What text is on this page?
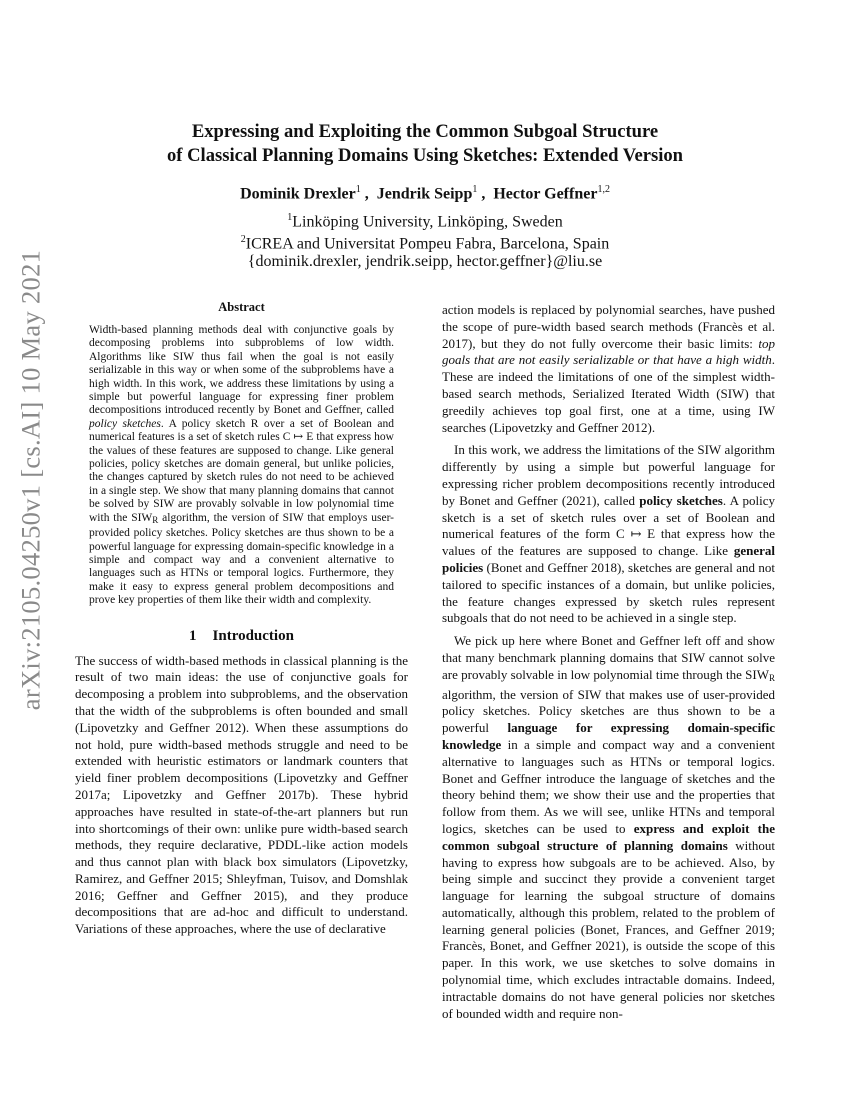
arXiv:2105.04250v1 [cs.AI] 10 May 2021
Expressing and Exploiting the Common Subgoal Structure
of Classical Planning Domains Using Sketches: Extended Version
Dominik Drexler$^1$ ,  Jendrik Seipp$^1$ ,  Hector Geffner$^{1,2}$
$^1$Linköping University, Linköping, Sweden
$^2$ICREA and Universitat Pompeu Fabra, Barcelona, Spain
{dominik.drexler, jendrik.seipp, hector.geffner}@liu.se
Abstract

Width-based planning methods deal with conjunctive goals by decomposing problems into subproblems of low width. Algorithms like SIW thus fail when the goal is not easily serializable in this way or when some of the subproblems have a high width. In this work, we address these limitations by using a simple but powerful language for expressing finer problem decompositions introduced recently by Bonet and Geffner, called policy sketches. A policy sketch R over a set of Boolean and numerical features is a set of sketch rules C ↦ E that express how the values of these features are supposed to change. Like general policies, policy sketches are domain general, but unlike policies, the changes captured by sketch rules do not need to be achieved in a single step. We show that many planning domains that cannot be solved by SIW are provably solvable in low polynomial time with the SIWR algorithm, the version of SIW that employs user-provided policy sketches. Policy sketches are thus shown to be a powerful language for expressing domain-specific knowledge in a simple and compact way and a convenient alternative to languages such as HTNs or temporal logics. Furthermore, they make it easy to express general problem decompositions and prove key properties of them like their width and complexity.

1 Introduction

The success of width-based methods in classical planning is the result of two main ideas: the use of conjunctive goals for decomposing a problem into subproblems, and the observation that the width of the subproblems is often bounded and small (Lipovetzky and Geffner 2012). When these assumptions do not hold, pure width-based methods struggle and need to be extended with heuristic estimators or landmark counters that yield finer problem decompositions (Lipovetzky and Geffner 2017a; Lipovetzky and Geffner 2017b). These hybrid approaches have resulted in state-of-the-art planners but run into shortcomings of their own: unlike pure width-based search methods, they require declarative, PDDL-like action models and thus cannot plan with black box simulators (Lipovetzky, Ramirez, and Geffner 2015; Shleyfman, Tuisov, and Domshlak 2016; Geffner and Geffner 2015), and they produce decompositions that are ad-hoc and difficult to understand. Variations of these approaches, where the use of declarative

action models is replaced by polynomial searches, have pushed the scope of pure-width based search methods (Francès et al. 2017), but they do not fully overcome their basic limits: top goals that are not easily serializable or that have a high width. These are indeed the limitations of one of the simplest width-based search methods, Serialized Iterated Width (SIW) that greedily achieves top goal first, one at a time, using IW searches (Lipovetzky and Geffner 2012).

In this work, we address the limitations of the SIW algorithm differently by using a simple but powerful language for expressing richer problem decompositions recently introduced by Bonet and Geffner (2021), called policy sketches. A policy sketch is a set of sketch rules over a set of Boolean and numerical features of the form C ↦ E that express how the values of the features are supposed to change. Like general policies (Bonet and Geffner 2018), sketches are general and not tailored to specific instances of a domain, but unlike policies, the feature changes expressed by sketch rules represent subgoals that do not need to be achieved in a single step.

We pick up here where Bonet and Geffner left off and show that many benchmark planning domains that SIW cannot solve are provably solvable in low polynomial time through the SIWR algorithm, the version of SIW that makes use of user-provided policy sketches. Policy sketches are thus shown to be a powerful language for expressing domain-specific knowledge in a simple and compact way and a convenient alternative to languages such as HTNs or temporal logics. Bonet and Geffner introduce the language of sketches and the theory behind them; we show their use and the properties that follow from them. As we will see, unlike HTNs and temporal logics, sketches can be used to express and exploit the common subgoal structure of planning domains without having to express how subgoals are to be achieved. Also, by being simple and succinct they provide a convenient target language for learning the subgoal structure of domains automatically, although this problem, related to the problem of learning general policies (Bonet, Frances, and Geffner 2019; Francès, Bonet, and Geffner 2021), is outside the scope of this paper. In this work, we use sketches to solve domains in polynomial time, which excludes intractable domains. Indeed, intractable domains do not have general policies nor sketches of bounded width and require non-
